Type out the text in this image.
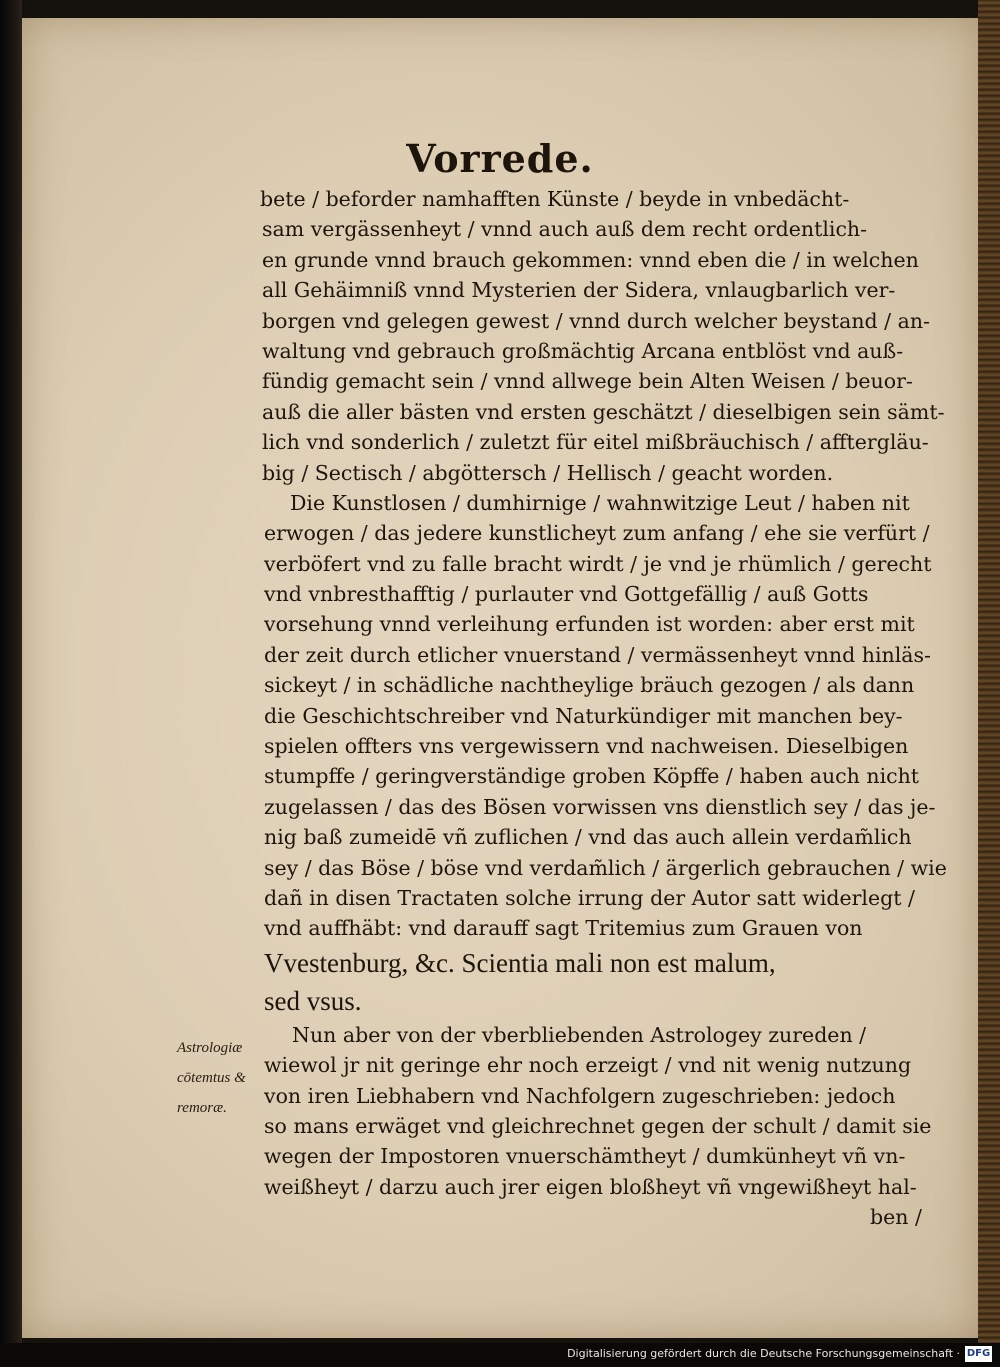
Vorrede.
bete / beforder namhafften Künste / beyde in vnbedächt-
sam vergässenheyt / vnnd auch auß dem recht ordentlich-
en grunde vnnd brauch gekommen: vnnd eben die / in welchen
all Gehäimniß vnnd Mysterien der Sidera, vnlaugbarlich ver-
borgen vnd gelegen gewest / vnnd durch welcher beystand / an-
waltung vnd gebrauch großmächtig Arcana entblöst vnd auß-
fündig gemacht sein / vnnd allwege bein Alten Weisen / beuor-
auß die aller bästen vnd ersten geschätzt / dieselbigen sein sämt-
lich vnd sonderlich / zuletzt für eitel mißbräuchisch / afftergläu-
big / Sectisch / abgöttersch / Hellisch / geacht worden.
Die Kunstlosen / dumhirnige / wahnwitzige Leut / haben nit
erwogen / das jedere kunstlicheyt zum anfang / ehe sie verfürt /
verböfert vnd zu falle bracht wirdt / je vnd je rhümlich / gerecht
vnd vnbresthafftig / purlauter vnd Gottgefällig / auß Gotts
vorsehung vnnd verleihung erfunden ist worden: aber erst mit
der zeit durch etlicher vnuerstand / vermässenheyt vnnd hinläs-
sickeyt / in schädliche nachtheylige bräuch gezogen / als dann
die Geschichtschreiber vnd Naturkündiger mit manchen bey-
spielen offters vns vergewissern vnd nachweisen. Dieselbigen
stumpffe / geringverständige groben Köpffe / haben auch nicht
zugelassen / das des Bösen vorwissen vns dienstlich sey / das je-
nig baß zumeidē vñ zuflichen / vnd das auch allein verdam̃lich
sey / das Böse / böse vnd verdam̃lich / ärgerlich gebrauchen / wie
dañ in disen Tractaten solche irrung der Autor satt widerlegt /
vnd auffhäbt: vnd darauff sagt Tritemius zum Grauen von
Vvestenburg, &c. Scientia mali non est malum,
sed vsus.
Nun aber von der vberbliebenden Astrologey zureden /
wiewol jr nit geringe ehr noch erzeigt / vnd nit wenig nutzung
von iren Liebhabern vnd Nachfolgern zugeschrieben: jedoch
so mans erwäget vnd gleichrechnet gegen der schult / damit sie
wegen der Impostoren vnuerschämtheyt / dumkünheyt vñ vn-
weißheyt / darzu auch jrer eigen bloßheyt vñ vngewißheyt hal-
ben /
Astrologiæ
cōtemtus &
remoræ.
Digitalisierung gefördert durch die Deutsche Forschungsgemeinschaft · DFG
